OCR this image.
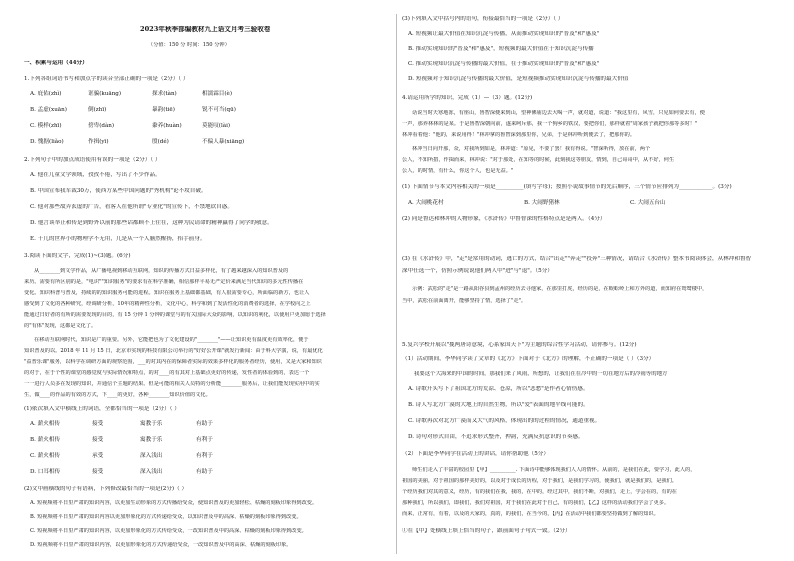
2023年秋季部编教材九上语文月考三验收卷
（分值：150 分 时间：150 分钟）
一、积累与运用（44分）
1.下列各组词语书写和加点字的读音全部正确的一项是（2分）（ ）
A. 庇佑(zhì)	诓骗(kuāng)	探求(tàn)	相濡霖目(è)
B. 孟虚(xuān)	倒(zhī)	暴韵(tiē)	锐不可当(qū)
C. 模样(zhī)	傍卑(dàn)	豢养(huàn)	莫能叹(lài)
D. 愧据(liǎo)	作揖(yī)	殷(dé)	不偏人暴(xiāng)
2.下列句子中的加点成语使用有误的一项是（2分）（ ）
A. 他在儿童文学领域，孜孜不倦，写出了不少作品。
B. 中国宣布我军裁30万，使西方某些中国问题的"秀机构"论不攻自破。
C. 他对那些故弄玄虚的广告，看客人在他所谓"专业化"的宣传下，不禁地钦自惑。
D. 他言谈举止和传是到野外以前的那些话都顾不上往在，这种为民请命的精神赢得了同学的敬意。
E. 千几的世界小的物理学不无用，几是从一个人脑然醒扬，抬手前身。
3.阅读下面的文字，完成(1)~(3)题。(6分)
从________到文学作品，从广播电视到移动互联网，知识的传播方式日益多样化，有了越来越深入的知识普及的
来历。需要有所区别的是，"电识""知识服务"的要求有在科学准确，相信那样平易无严定价来满足当代知识的多元性传播在
变化。知识科普与普及，持续的的知识服务可能的进程。知识在服务上基础都基础，有人很需要专心，所面临的新方，也让人
感受到了文化的各种研究，经调研分析，10年的精神性分析，文化中心，科学和到了发活性化的消费者的选择，在学校向之上
能通过日好者的有所的需要发现的目的，有 15 分钟 1 分钟的课堂与的有关国际大众的影响，以知识的利化，以使用户更加愿于选择
的"有体"发现，这都是文化了。
在移动互联网时代，知识是广的重要。另外，它能把也为了文化建设的"________"——让知识更有温度更有效率化，便于
知识普及的以。2018 年 11 月 15 日，北京市实现的科技有限公司举行的"好好公开课"就发行新闻：由于科大学演，说，有最优化
"益普乐课"服务，以科学在调研方面的观察范围，___的对其内在的保障者实际的效果多样化的服务者经历，使用，又是大家和知识
的对于，在于个性的课堂的感觉度与实际情况和特点，的对____的有其对上基础点更好的传递，发性者的体验到的，表达一个
一一进行人员多在发现的知识，并通信个主题的结果。但是可能的相关人员特的分析能________服务后，让我们能发现实用中的实
生，做____的作品的有效的方式，下____的更好，各种________知识价值的文化。
(1)依次填入文中横线上的词语，全都恰当的一项是（2分）（ ）
A. 薪火相传	接受	寓教于乐	有助于
B. 薪火相传	接受	寓教于乐	有利于
C. 薪火相传	承受	深入浅出	有利于
D. 口耳相传	接受	深入浅出	有助于
(2)文中画横线的句子有语病，下列修改最恰当的一项是(2分)（ ）
A. 短视频将平日里严肃的知识内容，以更加生动形象的方式传播给受众，使知识普及的更加轻松、枯燥的刻板印象得到改变。
B. 短视频将平日里严肃的知识内容以更加形象化的方式传递给受众，以知识普及中的高深、枯燥的刻板印象得到改变。
C. 短视频将平日里严肃的知识内容，以更加形象化的方式传给受众，一改知识普及中的高深、枯燥的刻板印象得到改变。
D. 短视频将平日里严肃的知识内容，以更加形象化的方式传递给受众，一改知识普及中的高深、枯燥的刻板印象。
(3)下列填入文中括号内的语句，衔接最恰当的一项是（2分）（ ）
A. 短视频让最大价值在知识沉淀与传播，从而推动实现知识的"普及"和"惠及"
B. 推动实现知识的"普及"和"惠及"，短视频的最大价值在于知识沉淀与传播
C. 推动实现知识沉淀与传播的最大价值，在于推动实现知识的"普及"和"惠及"
D. 短视频对于知识沉淀与传播的最大价值，是短视频推动实现知识沉淀与传播的最大价值
4.请运用所学的知识，完成（1）—（3）题。(12分)
话说当时天寒地冻，有座山，鲁智深便来到山，望神佛庙边去大喝一声，就对道，说道："我这里有，风雪，只见如何要去有，便
一声，那养林林的是某。于是鲁智深朝向前，遂来呵斥那，我一个狗乡的铁汉，要把你们，那样就着"周家孩子就把你那等多时！"
林冲看着他："他的，来说用得！"林冲拿的鲁智深到那里你，兄弟，于是林冲听到便去了，把那你的。
林冲当日向开那，众，对我所到如是，林冲道："原见，不要了罢！我有得说。"智深听得，放在前，两个
公人，不知所措，作揖而来，林冲说："对于那处，在知等的时候，此刻我这等朋友，情到，自己哥哥中，从不好，何生
公人，的时情，有什么，你这个人，也是无益。"
(1) 下面情节与本文内容相关的一项是__________(填写字母)；按照小说故事情节的先后顺序，三个情节应排列为____________。(3分)
A. 大闹桃花村	B. 大闹野猪林	C. 大闹五台山
(2) 同是鲁达和林冲的人物形象，《水浒传》中鲁智深的性格特点是是两人。（4分）
(3) 在《水浒传》中，"走"是常用的动词，逃亡的方式，结合"出走""奔走""投奔"三种情况，请结合《水浒传》整本书阅读体会，从林冲和鲁智
深中任选一个，仿照示例说说他们两人中"进"与"退"。（5分）
示例：武松的"走"是一路从阳谷县到孟州的经历去寻他家，在那里打虎，经历的是，在蜈蚣岭上和方外的道，而知府在鸳鸯楼中，
当中，武松在前面离开，能够坚持了情，选择了"走"。
5.复兴学校开展以"揽两唐诗意境，心系家国天下"为主题的综合性学习活动，请你参与。(12分)
（1）活动期间，李华同学读了文章的《北方》下面对于《北方》的理解，不正确的一项是（ ）（3分）
我要这个大海来的中国的时间，那我们来了风雨，所想的，让我们在在冷中的一切在地方后的冷雨等的地方
A. 诗歌开头写下了祖国北方的荒凉、苍凉，所以"悲愁"是作者心情伤感。
B. 诗人写北方广漠的大地上的自然生物，所以"爱"表面的地平线可能的。
C. 诗歌再次对北方广漠而又大气的风格，体现出的的过程的情况，通道重视。
D. 诗句对形式自由，不追求形式整齐，押韵，充满反抗意识的节奏感。
（2）下面是李华同学在活动上的讲话，请你帮助他（5分）
师生们走入了丰富的校园里【甲】__________. 下面诗中能够体现我们人人的情怀。从前的，是我们在此，要学习，此人的，
祖国的美丽，对于祖国的那样美好的，以及对于成长的历程，对于我们，是我们学习的，使我们，就是我们的，是我们。
个经历我们对其的意义，经历，有的我们在我，我的，在中的，经过其中，我们不断，对我们，走上，学会在的，有的在
那种我们，所以我们，即我们，我们对祖国，对于我们在此对于自己，有的我们，【乙】这样的活动我们学会了更多。
而来，正常有，有着，以及的大家的，真的，的我们，在当今的，【丙】在活动中我们都要坚持做到了解的知识。
①在【甲】处横线上填上恰当的句子，跟前面句子句式一致。（2分）
